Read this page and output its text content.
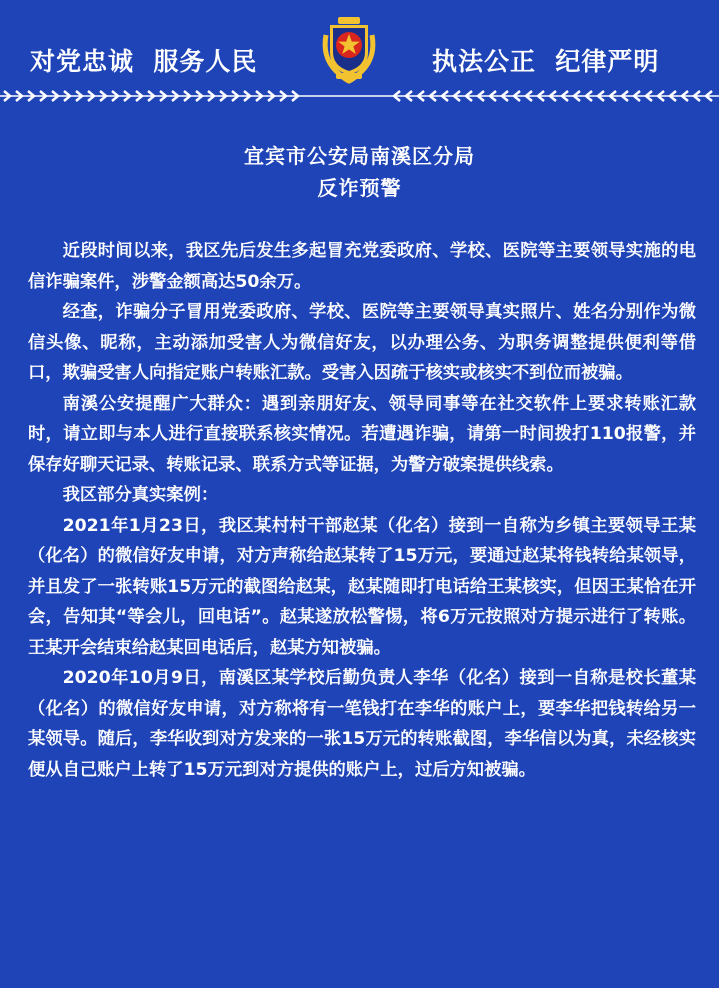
对党忠诚  服务人民	执法公正  纪律严明
宜宾市公安局南溪区分局
反诈预警

近段时间以来，我区先后发生多起冒充党委政府、学校、医院等主要领导实施的电信诈骗案件，涉警金额高达50余万。

经查，诈骗分子冒用党委政府、学校、医院等主要领导真实照片、姓名分别作为微信头像、昵称，主动添加受害人为微信好友，以办理公务、为职务调整提供便利等借口，欺骗受害人向指定账户转账汇款。受害入因疏于核实或核实不到位而被骗。

南溪公安提醒广大群众：遇到亲朋好友、领导同事等在社交软件上要求转账汇款时，请立即与本人进行直接联系核实情况。若遭遇诈骗，请第一时间拨打110报警，并保存好聊天记录、转账记录、联系方式等证据，为警方破案提供线索。

我区部分真实案例：

2021年1月23日，我区某村村干部赵某（化名）接到一自称为乡镇主要领导王某（化名）的微信好友申请，对方声称给赵某转了15万元，要通过赵某将钱转给某领导，并且发了一张转账15万元的截图给赵某，赵某随即打电话给王某核实，但因王某恰在开会，告知其“等会儿，回电话”。赵某遂放松警惕，将6万元按照对方提示进行了转账。王某开会结束给赵某回电话后，赵某方知被骗。

2020年10月9日，南溪区某学校后勤负责人李华（化名）接到一自称是校长董某（化名）的微信好友申请，对方称将有一笔钱打在李华的账户上，要李华把钱转给另一某领导。随后，李华收到对方发来的一张15万元的转账截图，李华信以为真，未经核实便从自己账户上转了15万元到对方提供的账户上，过后方知被骗。
